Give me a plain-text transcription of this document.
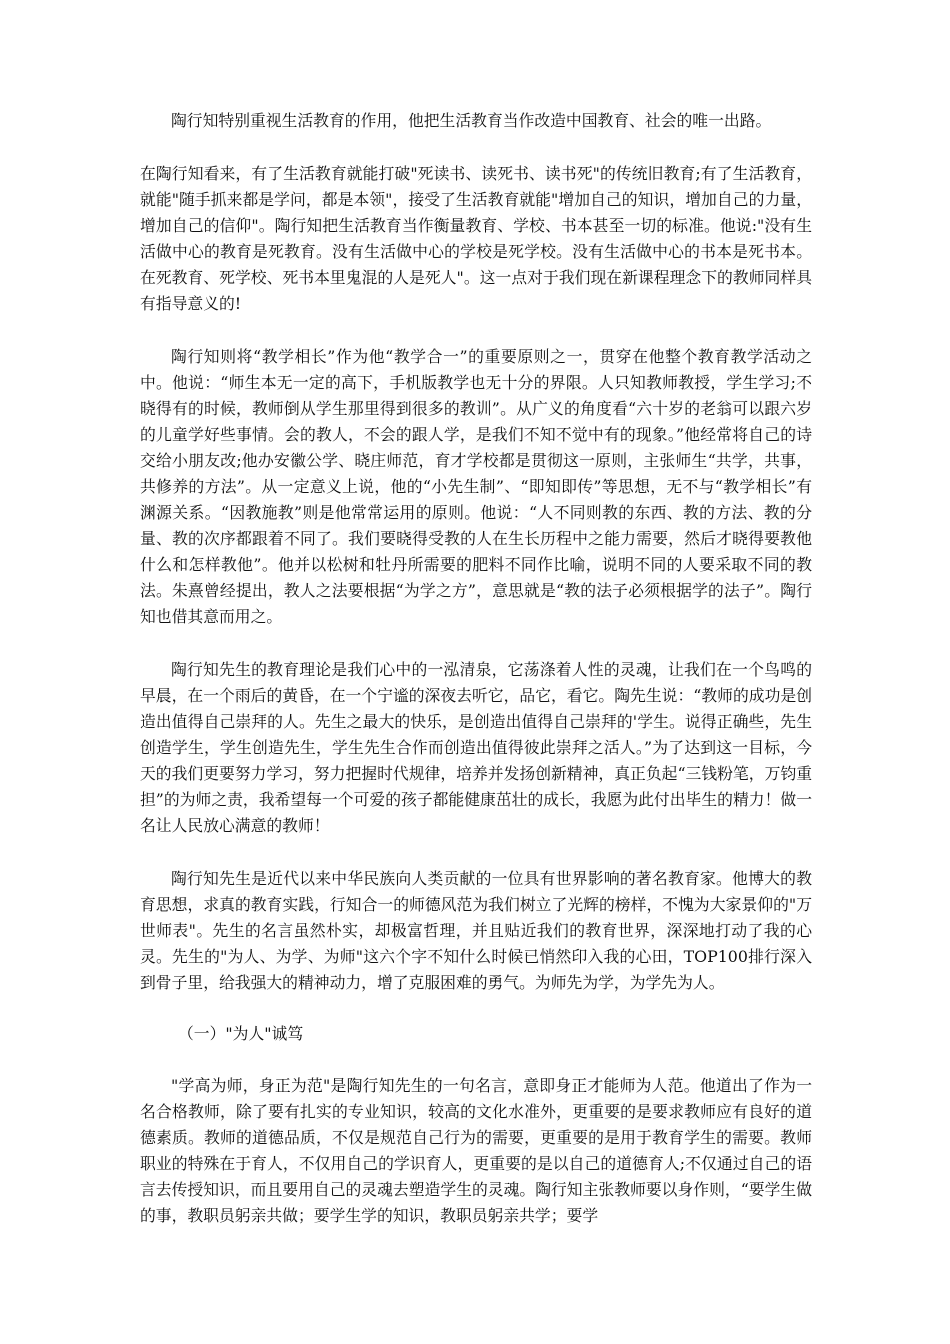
陶行知特别重视生活教育的作用，他把生活教育当作改造中国教育、社会的唯一出路。

在陶行知看来，有了生活教育就能打破"死读书、读死书、读书死"的传统旧教育;有了生活教育，就能"随手抓来都是学问，都是本领"，接受了生活教育就能"增加自己的知识，增加自己的力量，增加自己的信仰"。陶行知把生活教育当作衡量教育、学校、书本甚至一切的标准。他说:"没有生活做中心的教育是死教育。没有生活做中心的学校是死学校。没有生活做中心的书本是死书本。在死教育、死学校、死书本里鬼混的人是死人"。这一点对于我们现在新课程理念下的教师同样具有指导意义的!

陶行知则将“教学相长”作为他“教学合一”的重要原则之一，贯穿在他整个教育教学活动之中。他说：“师生本无一定的高下，手机版教学也无十分的界限。人只知教师教授，学生学习;不晓得有的时候，教师倒从学生那里得到很多的教训”。从广义的角度看“六十岁的老翁可以跟六岁的儿童学好些事情。会的教人，不会的跟人学，是我们不知不觉中有的现象。”他经常将自己的诗交给小朋友改;他办安徽公学、晓庄师范，育才学校都是贯彻这一原则，主张师生“共学，共事，共修养的方法”。从一定意义上说，他的“小先生制”、“即知即传”等思想，无不与“教学相长”有渊源关系。“因教施教”则是他常常运用的原则。他说：“人不同则教的东西、教的方法、教的分量、教的次序都跟着不同了。我们要晓得受教的人在生长历程中之能力需要，然后才晓得要教他什么和怎样教他”。他并以松树和牡丹所需要的肥料不同作比喻，说明不同的人要采取不同的教法。朱熹曾经提出，教人之法要根据“为学之方”，意思就是“教的法子必须根据学的法子”。陶行知也借其意而用之。

陶行知先生的教育理论是我们心中的一泓清泉，它荡涤着人性的灵魂，让我们在一个鸟鸣的早晨，在一个雨后的黄昏，在一个宁谧的深夜去听它，品它，看它。陶先生说：“教师的成功是创造出值得自己崇拜的人。先生之最大的快乐，是创造出值得自己崇拜的'学生。说得正确些，先生创造学生，学生创造先生，学生先生合作而创造出值得彼此崇拜之活人。”为了达到这一目标，今天的我们更要努力学习，努力把握时代规律，培养并发扬创新精神，真正负起“三钱粉笔，万钧重担”的为师之责，我希望每一个可爱的孩子都能健康茁壮的成长，我愿为此付出毕生的精力！做一名让人民放心满意的教师！

陶行知先生是近代以来中华民族向人类贡献的一位具有世界影响的著名教育家。他博大的教育思想，求真的教育实践，行知合一的师德风范为我们树立了光辉的榜样，不愧为大家景仰的"万世师表"。先生的名言虽然朴实，却极富哲理，并且贴近我们的教育世界，深深地打动了我的心灵。先生的"为人、为学、为师"这六个字不知什么时候已悄然印入我的心田，TOP100排行深入到骨子里，给我强大的精神动力，增了克服困难的勇气。为师先为学，为学先为人。

（一）"为人"诚笃

"学高为师，身正为范"是陶行知先生的一句名言，意即身正才能师为人范。他道出了作为一名合格教师，除了要有扎实的专业知识，较高的文化水准外，更重要的是要求教师应有良好的道德素质。教师的道德品质，不仅是规范自己行为的需要，更重要的是用于教育学生的需要。教师职业的特殊在于育人，不仅用自己的学识育人，更重要的是以自己的道德育人;不仅通过自己的语言去传授知识，而且要用自己的灵魂去塑造学生的灵魂。陶行知主张教师要以身作则，“要学生做的事，教职员躬亲共做；要学生学的知识，教职员躬亲共学；要学
